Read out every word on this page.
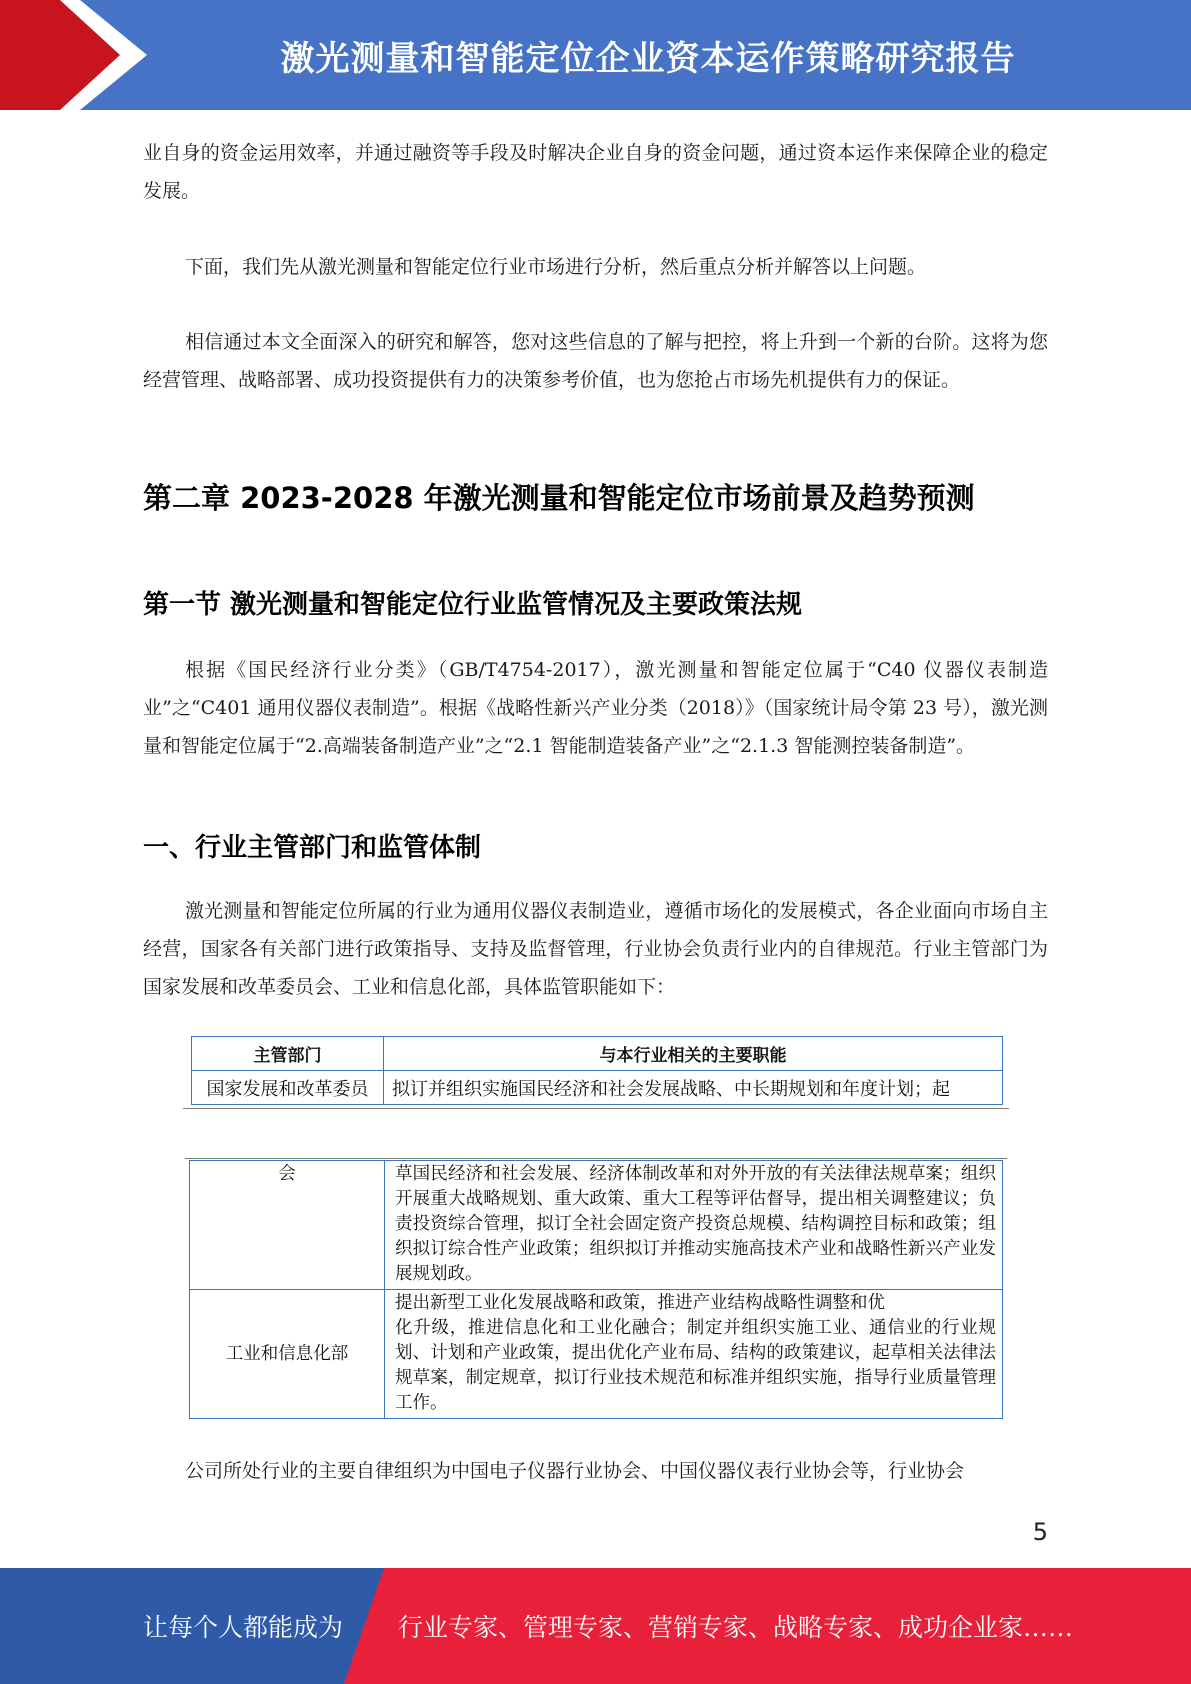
激光测量和智能定位企业资本运作策略研究报告

业自身的资金运用效率，并通过融资等手段及时解决企业自身的资金问题，通过资本运作来保障企业的稳定发展。

下面，我们先从激光测量和智能定位行业市场进行分析，然后重点分析并解答以上问题。

相信通过本文全面深入的研究和解答，您对这些信息的了解与把控，将上升到一个新的台阶。这将为您经营管理、战略部署、成功投资提供有力的决策参考价值，也为您抢占市场先机提供有力的保证。

第二章 2023-2028 年激光测量和智能定位市场前景及趋势预测
第一节 激光测量和智能定位行业监管情况及主要政策法规

根据《国民经济行业分类》（GB/T4754-2017），激光测量和智能定位属于“C40 仪器仪表制造业”之“C401 通用仪器仪表制造”。根据《战略性新兴产业分类（2018）》（国家统计局令第 23 号），激光测量和智能定位属于“2.高端装备制造产业”之“2.1 智能制造装备产业”之“2.1.3 智能测控装备制造”。

一、行业主管部门和监管体制

激光测量和智能定位所属的行业为通用仪器仪表制造业，遵循市场化的发展模式，各企业面向市场自主经营，国家各有关部门进行政策指导、支持及监督管理，行业协会负责行业内的自律规范。行业主管部门为国家发展和改革委员会、工业和信息化部，具体监管职能如下：

主管部门	与本行业相关的主要职能
国家发展和改革委员	拟订并组织实施国民经济和社会发展战略、中长期规划和年度计划；起
会	草国民经济和社会发展、经济体制改革和对外开放的有关法律法规草案；组织开展重大战略规划、重大政策、重大工程等评估督导，提出相关调整建议；负责投资综合管理，拟订全社会固定资产投资总规模、结构调控目标和政策；组织拟订综合性产业政策；组织拟订并推动实施高技术产业和战略性新兴产业发展规划政。
工业和信息化部	提出新型工业化发展战略和政策，推进产业结构战略性调整和优
化升级，推进信息化和工业化融合；制定并组织实施工业、通信业的行业规划、计划和产业政策，提出优化产业布局、结构的政策建议，起草相关法律法规草案，制定规章，拟订行业技术规范和标准并组织实施，指导行业质量管理工作。

公司所处行业的主要自律组织为中国电子仪器行业协会、中国仪器仪表行业协会等，行业协会

5
让每个人都能成为 行业专家、管理专家、营销专家、战略专家、成功企业家……
